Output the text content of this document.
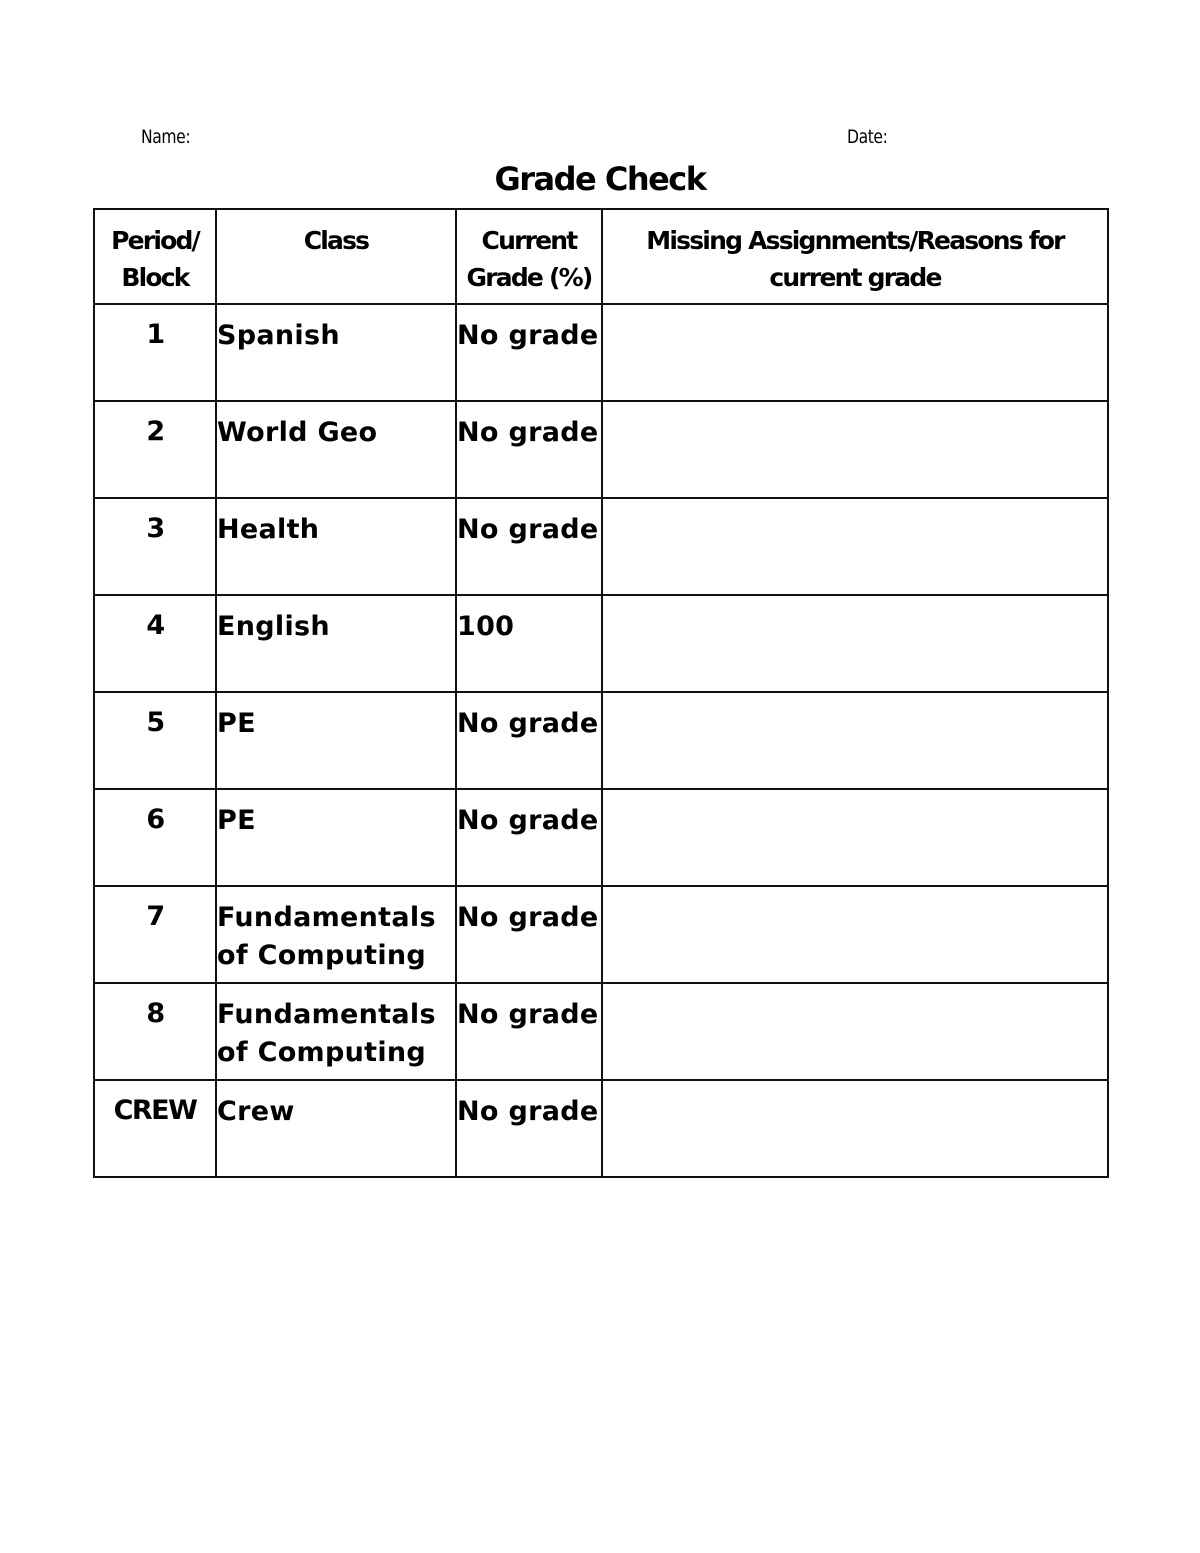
Name:	Date:
Grade Check
Period/ Block	Class	Current Grade (%)	Missing Assignments/Reasons for current grade
1	Spanish	No grade	
2	World Geo	No grade	
3	Health	No grade	
4	English	100	
5	PE	No grade	
6	PE	No grade	
7	Fundamentals of Computing	No grade	
8	Fundamentals of Computing	No grade	
CREW	Crew	No grade	
